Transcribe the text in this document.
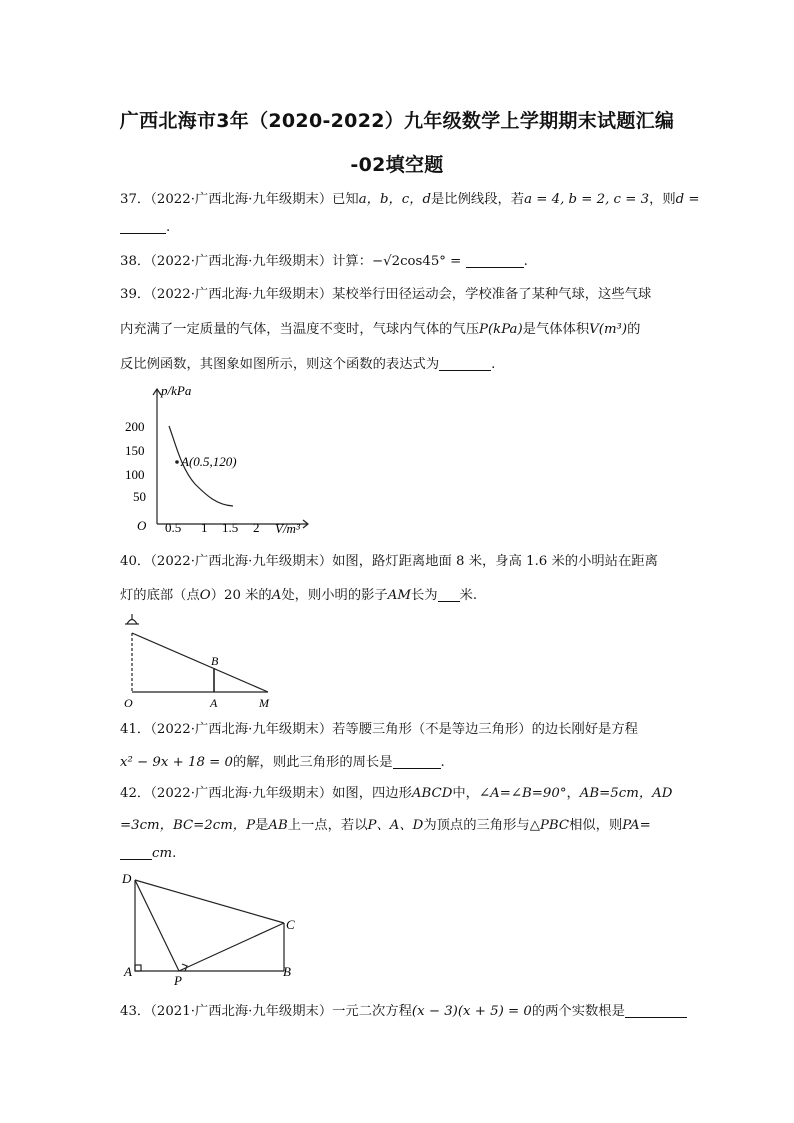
广西北海市3年（2020-2022）九年级数学上学期期末试题汇编
-02填空题
37．（2022·广西北海·九年级期末）已知a，b，c，d是比例线段，若a = 4, b = 2, c = 3，则d =
.
38．（2022·广西北海·九年级期末）计算：−√2cos45° =	.
39．（2022·广西北海·九年级期末）某校举行田径运动会，学校准备了某种气球，这些气球
内充满了一定质量的气体，当温度不变时，气球内气体的气压P(kPa)是气体体积V(m³)的
反比例函数，其图象如图所示，则这个函数的表达式为	.
p/kPa
V/m³
O
200
150
100
50
0.5 1 1.5 2
A(0.5,120)
40．（2022·广西北海·九年级期末）如图，路灯距离地面 8 米，身高 1.6 米的小明站在距离
灯的底部（点O）20 米的A处，则小明的影子AM长为 米.
O	A	M
B
41．（2022·广西北海·九年级期末）若等腰三角形（不是等边三角形）的边长刚好是方程
x² − 9x + 18 = 0的解，则此三角形的周长是	.
42．（2022·广西北海·九年级期末）如图，四边形ABCD中，∠A=∠B=90°，AB=5cm，AD
=3cm，BC=2cm，P是AB上一点，若以P、A、D为顶点的三角形与△PBC相似，则PA=
cm.
D
C
A
P
B
43．（2021·广西北海·九年级期末）一元二次方程(x − 3)(x + 5) = 0的两个实数根是
